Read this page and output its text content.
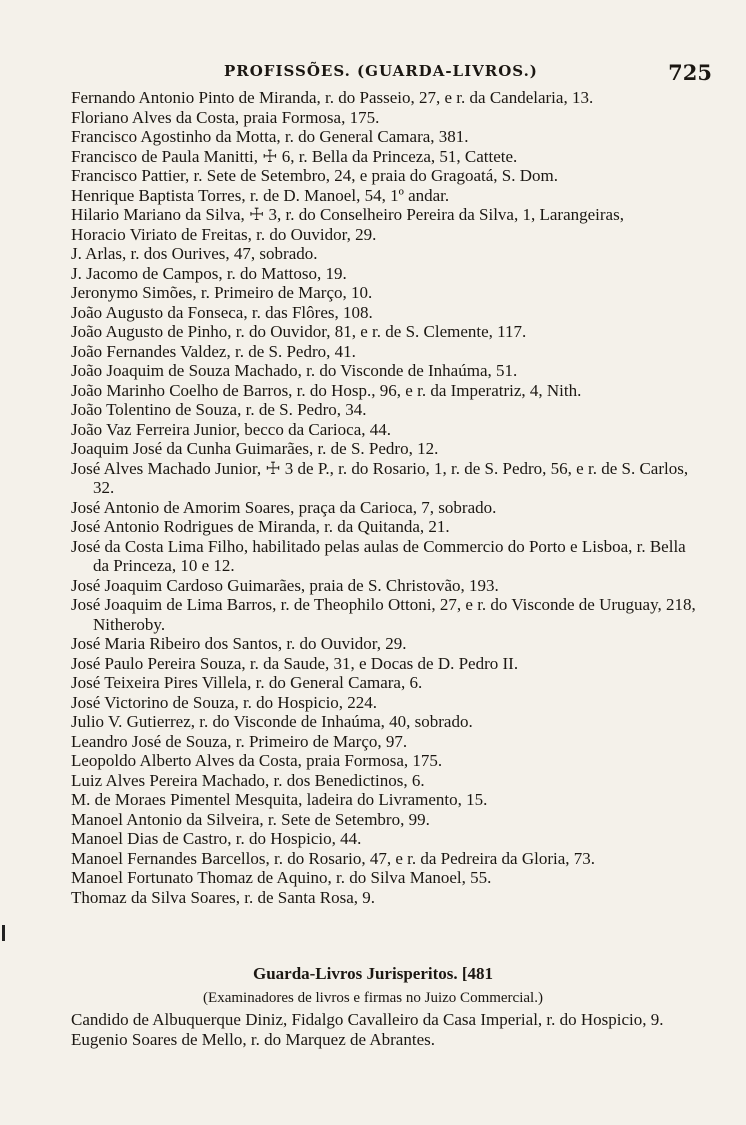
PROFISSÕES. (GUARDA-LIVROS.)	725

Fernando Antonio Pinto de Miranda, r. do Passeio, 27, e r. da Candelaria, 13.

Floriano Alves da Costa, praia Formosa, 175.

Francisco Agostinho da Motta, r. do General Camara, 381.

Francisco de Paula Manitti, ☩ 6, r. Bella da Princeza, 51, Cattete.

Francisco Pattier, r. Sete de Setembro, 24, e praia do Gragoatá, S. Dom.

Henrique Baptista Torres, r. de D. Manoel, 54, 1º andar.

Hilario Mariano da Silva, ☩ 3, r. do Conselheiro Pereira da Silva, 1, Larangeiras,

Horacio Viriato de Freitas, r. do Ouvidor, 29.

J. Arlas, r. dos Ourives, 47, sobrado.

J. Jacomo de Campos, r. do Mattoso, 19.

Jeronymo Simões, r. Primeiro de Março, 10.

João Augusto da Fonseca, r. das Flôres, 108.

João Augusto de Pinho, r. do Ouvidor, 81, e r. de S. Clemente, 117.

João Fernandes Valdez, r. de S. Pedro, 41.

João Joaquim de Souza Machado, r. do Visconde de Inhaúma, 51.

João Marinho Coelho de Barros, r. do Hosp., 96, e r. da Imperatriz, 4, Nith.

João Tolentino de Souza, r. de S. Pedro, 34.

João Vaz Ferreira Junior, becco da Carioca, 44.

Joaquim José da Cunha Guimarães, r. de S. Pedro, 12.

José Alves Machado Junior, ☩ 3 de P., r. do Rosario, 1, r. de S. Pedro, 56, e r. de S. Carlos, 32.

José Antonio de Amorim Soares, praça da Carioca, 7, sobrado.

José Antonio Rodrigues de Miranda, r. da Quitanda, 21.

José da Costa Lima Filho, habilitado pelas aulas de Commercio do Porto e Lisboa, r. Bella da Princeza, 10 e 12.

José Joaquim Cardoso Guimarães, praia de S. Christovão, 193.

José Joaquim de Lima Barros, r. de Theophilo Ottoni, 27, e r. do Visconde de Uruguay, 218, Nitheroby.

José Maria Ribeiro dos Santos, r. do Ouvidor, 29.

José Paulo Pereira Souza, r. da Saude, 31, e Docas de D. Pedro II.

José Teixeira Pires Villela, r. do General Camara, 6.

José Victorino de Souza, r. do Hospicio, 224.

Julio V. Gutierrez, r. do Visconde de Inhaúma, 40, sobrado.

Leandro José de Souza, r. Primeiro de Março, 97.

Leopoldo Alberto Alves da Costa, praia Formosa, 175.

Luiz Alves Pereira Machado, r. dos Benedictinos, 6.

M. de Moraes Pimentel Mesquita, ladeira do Livramento, 15.

Manoel Antonio da Silveira, r. Sete de Setembro, 99.

Manoel Dias de Castro, r. do Hospicio, 44.

Manoel Fernandes Barcellos, r. do Rosario, 47, e r. da Pedreira da Gloria, 73.

Manoel Fortunato Thomaz de Aquino, r. do Silva Manoel, 55.

Thomaz da Silva Soares, r. de Santa Rosa, 9.

Guarda-Livros Jurisperitos. [481

(Examinadores de livros e firmas no Juizo Commercial.)

Candido de Albuquerque Diniz, Fidalgo Cavalleiro da Casa Imperial, r. do Hospicio, 9.

Eugenio Soares de Mello, r. do Marquez de Abrantes.
